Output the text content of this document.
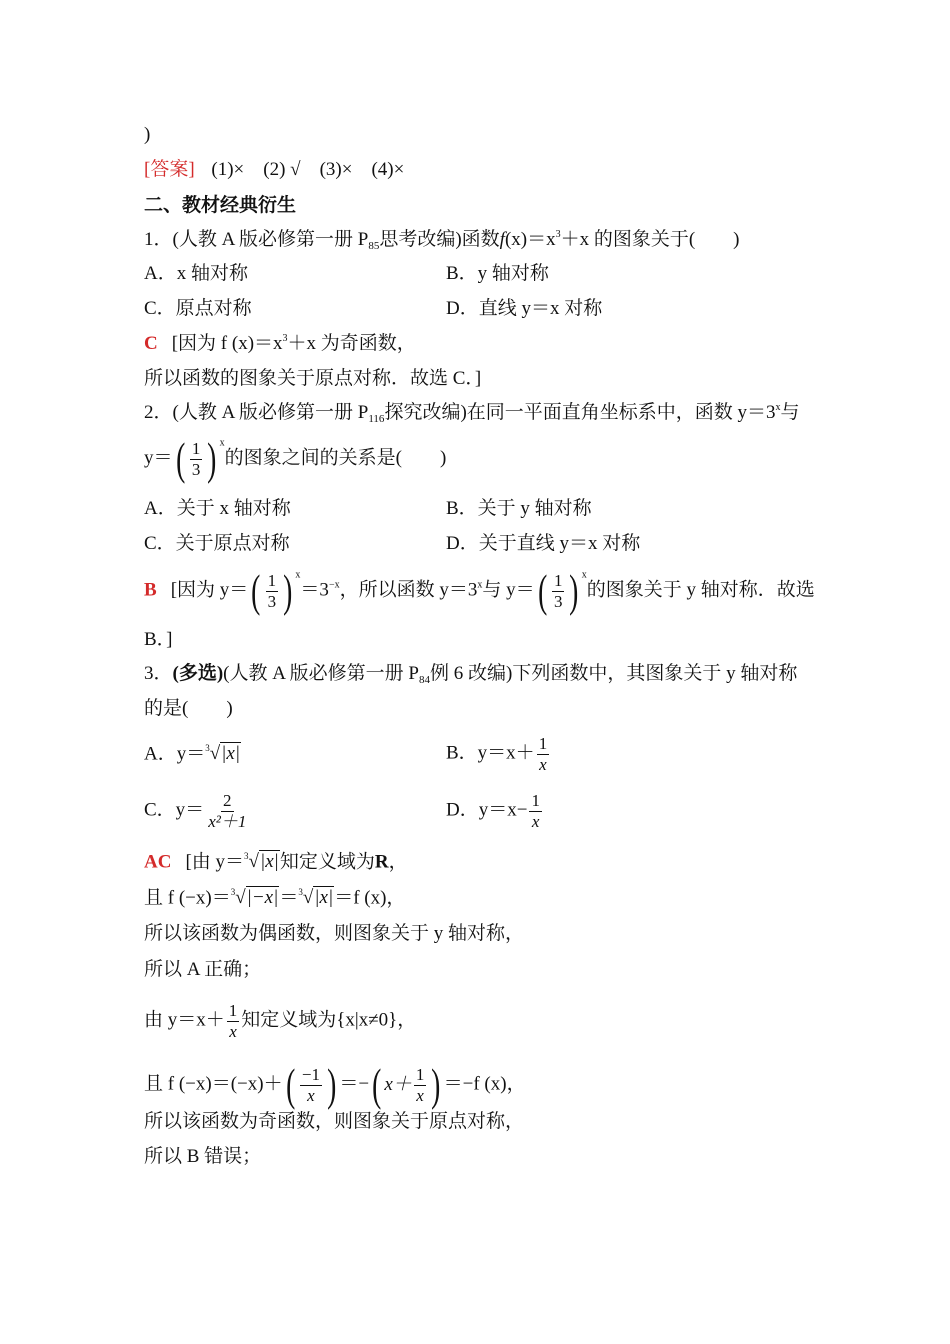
)
[答案] (1)×　(2) √　(3)×　(4)×
二、教材经典衍生
1．(人教 A 版必修第一册 $P_{85}$思考改编)函数$f(x)=x^3+x$ 的图象关于(　　)
A．x 轴对称	B．y 轴对称
C．原点对称	D．直线 y＝x 对称
C [因为 f $(x)=x^3+x$ 为奇函数，
所以函数的图象关于原点对称．故选 C．]
2．(人教 A 版必修第一册 $P_{116}$探究改编)在同一平面直角坐标系中，函数 $y=3^x$与
y＝ ( $\frac{1}{3}$ ) $^x$的图象之间的关系是(　　)
A．关于 x 轴对称	B．关于 y 轴对称
C．关于原点对称	D．关于直线 y＝x 对称
B [因为 y＝ ( $\frac{1}{3}$ ) $^x=3^{-x}$，所以函数 $y=3^x$与 y＝ ( $\frac{1}{3}$ ) $^x$的图象关于 y 轴对称．故选
B．]
3．(多选)(人教 A 版必修第一册 $P_{84}$例 6 改编)下列函数中，其图象关于 y 轴对称
的是(　　)
A．y＝$^3$√|x|	B．$y=x+ \frac{1}{x}$
C．$y= \frac{2}{\text{x²＋1}}$	D．$y=x- \frac{1}{x}$
AC [由 y＝$^3$√|x|知定义域为R，
且 f (−x)＝$^3$√|−x|＝$^3$√|x|＝f (x)，
所以该函数为偶函数，则图象关于 y 轴对称，
所以 A 正确；
由 $y=x+ \frac{1}{x}$ 知定义域为{x|x≠0}，
且 f (−x)＝(−x)＋ ( $\frac{-1}{x}$ ) ＝− ( $x+ \frac{1}{x}$ ) ＝−f (x)，
所以该函数为奇函数，则图象关于原点对称，
所以 B 错误；
